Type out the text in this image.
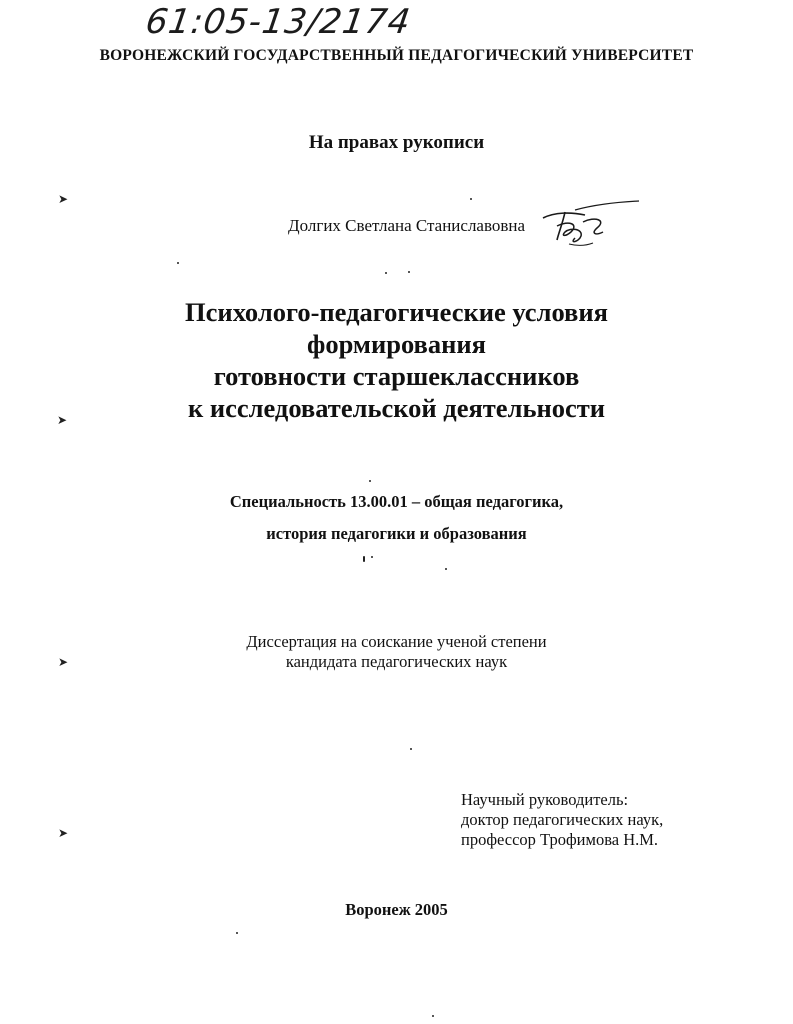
61:05-13/2174
ВОРОНЕЖСКИЙ ГОСУДАРСТВЕННЫЙ ПЕДАГОГИЧЕСКИЙ УНИВЕРСИТЕТ
На правах рукописи
Долгих Светлана Станиславовна
Психолого-педагогические условия
формирования
готовности старшеклассников
к исследовательской деятельности
Специальность 13.00.01 – общая педагогика,
история педагогики и образования
Диссертация на соискание ученой степени
кандидата педагогических наук
Научный руководитель:
доктор педагогических наук,
профессор Трофимова Н.М.
Воронеж 2005
➤
➤
➤
➤
